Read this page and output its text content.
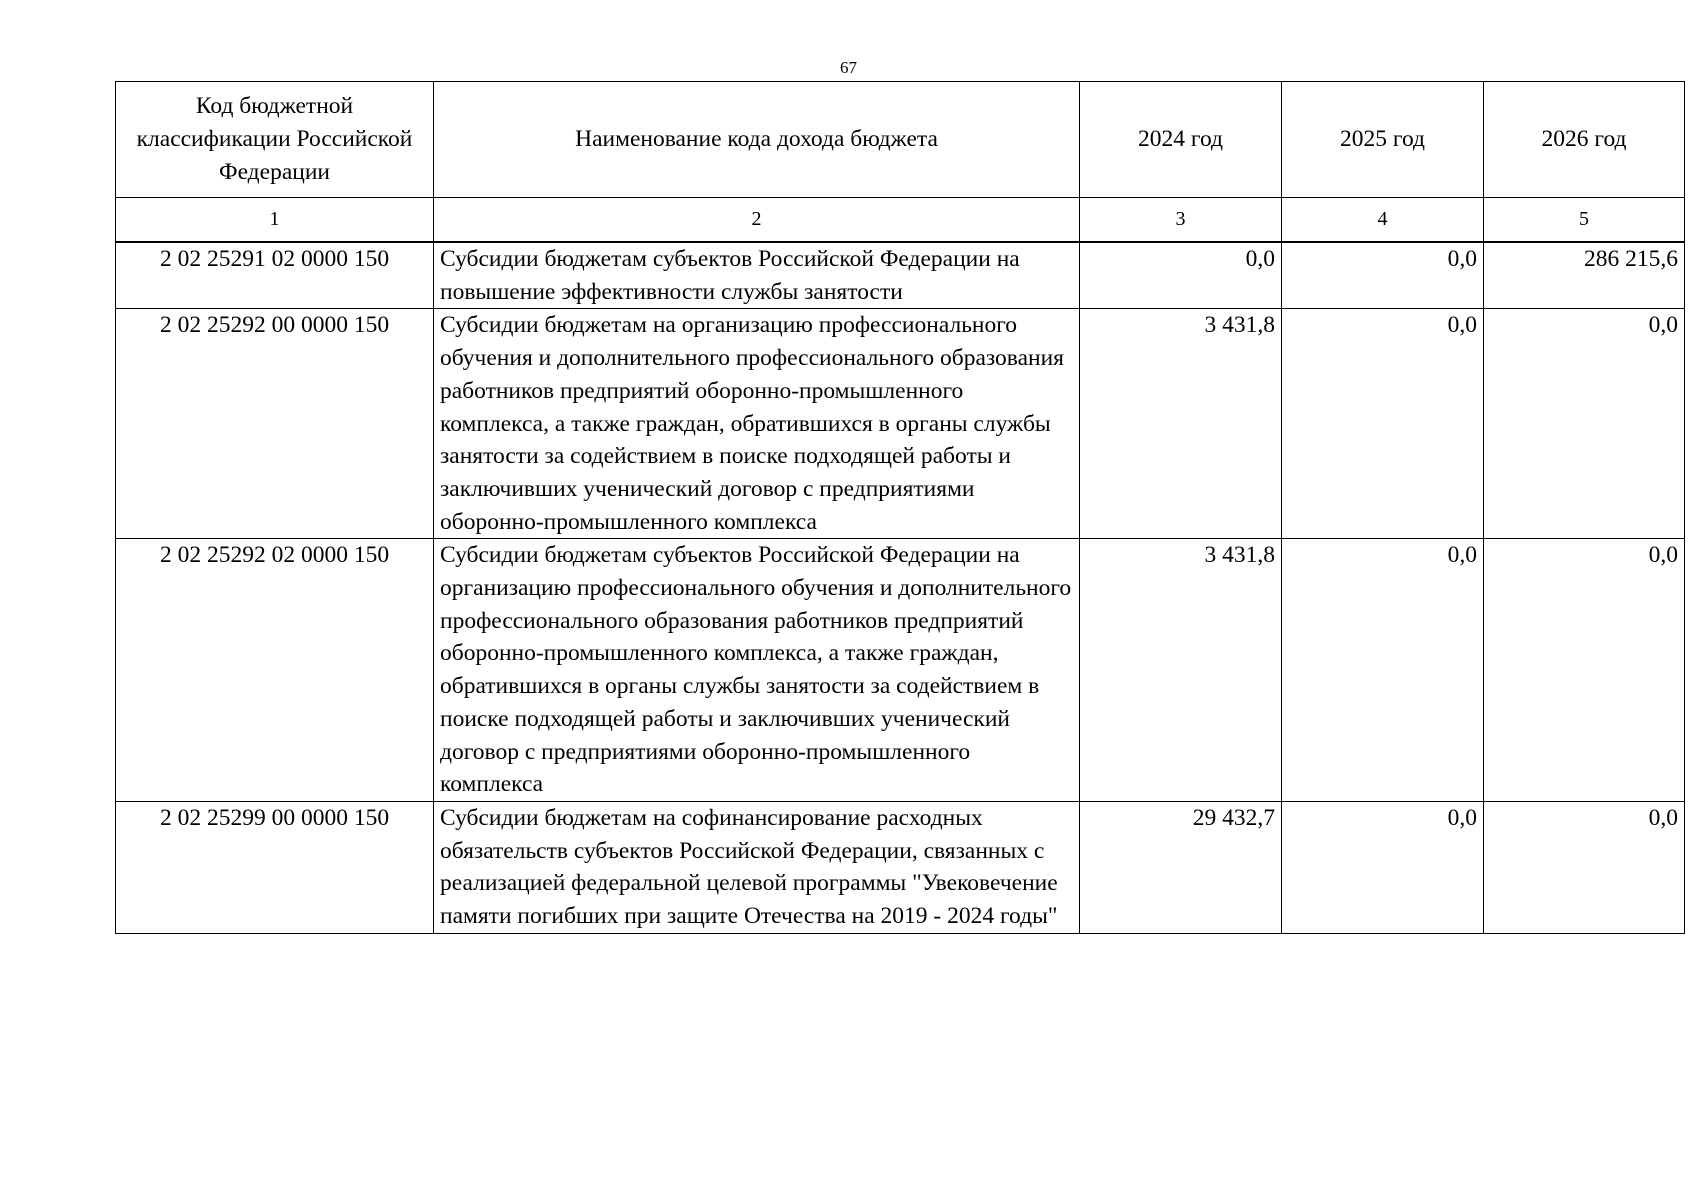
67
Код бюджетной классификации Российской Федерации	Наименование кода дохода бюджета	2024 год	2025 год	2026 год
1	2	3	4	5
2 02 25291 02 0000 150	Субсидии бюджетам субъектов Российской Федерации на повышение эффективности службы занятости	0,0	0,0	286 215,6
2 02 25292 00 0000 150	Субсидии бюджетам на организацию профессионального обучения и дополнительного профессионального образования работников предприятий оборонно-промышленного комплекса, а также граждан, обратившихся в органы службы занятости за содействием в поиске подходящей работы и заключивших ученический договор с предприятиями оборонно-промышленного комплекса	3 431,8	0,0	0,0
2 02 25292 02 0000 150	Субсидии бюджетам субъектов Российской Федерации на организацию профессионального обучения и дополнительного профессионального образования работников предприятий оборонно-промышленного комплекса, а также граждан, обратившихся в органы службы занятости за содействием в поиске подходящей работы и заключивших ученический договор с предприятиями оборонно-промышленного комплекса	3 431,8	0,0	0,0
2 02 25299 00 0000 150	Субсидии бюджетам на софинансирование расходных обязательств субъектов Российской Федерации, связанных с реализацией федеральной целевой программы "Увековечение памяти погибших при защите Отечества на 2019 - 2024 годы"	29 432,7	0,0	0,0
